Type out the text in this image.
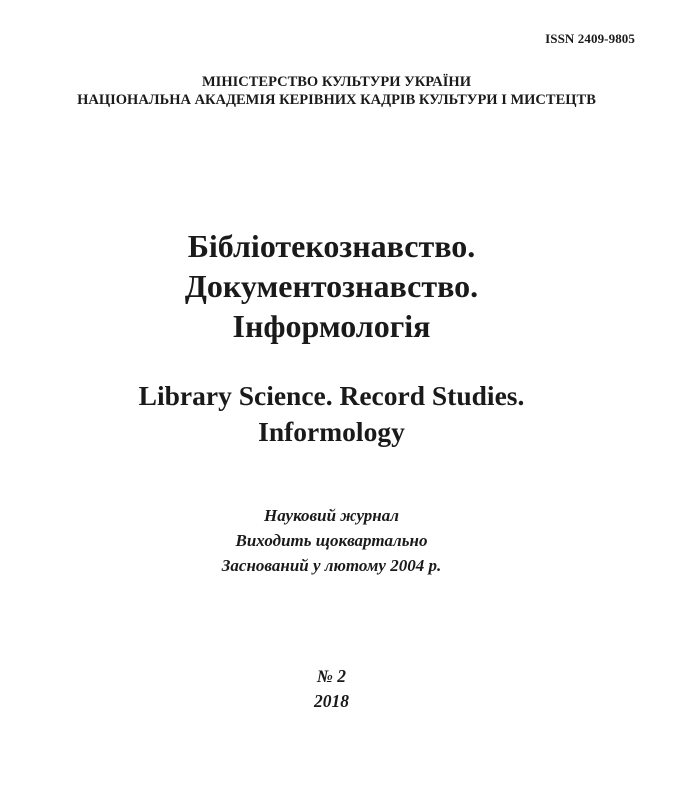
ISSN 2409-9805
МІНІСТЕРСТВО КУЛЬТУРИ УКРАЇНИ
НАЦІОНАЛЬНА АКАДЕМІЯ КЕРІВНИХ КАДРІВ КУЛЬТУРИ І МИСТЕЦТВ
Бібліотекознавство.
Документознавство.
Інформологія
Library Science. Record Studies.
Informology
Науковий журнал
Виходить щоквартально
Заснований у лютому 2004 р.
№ 2
2018
